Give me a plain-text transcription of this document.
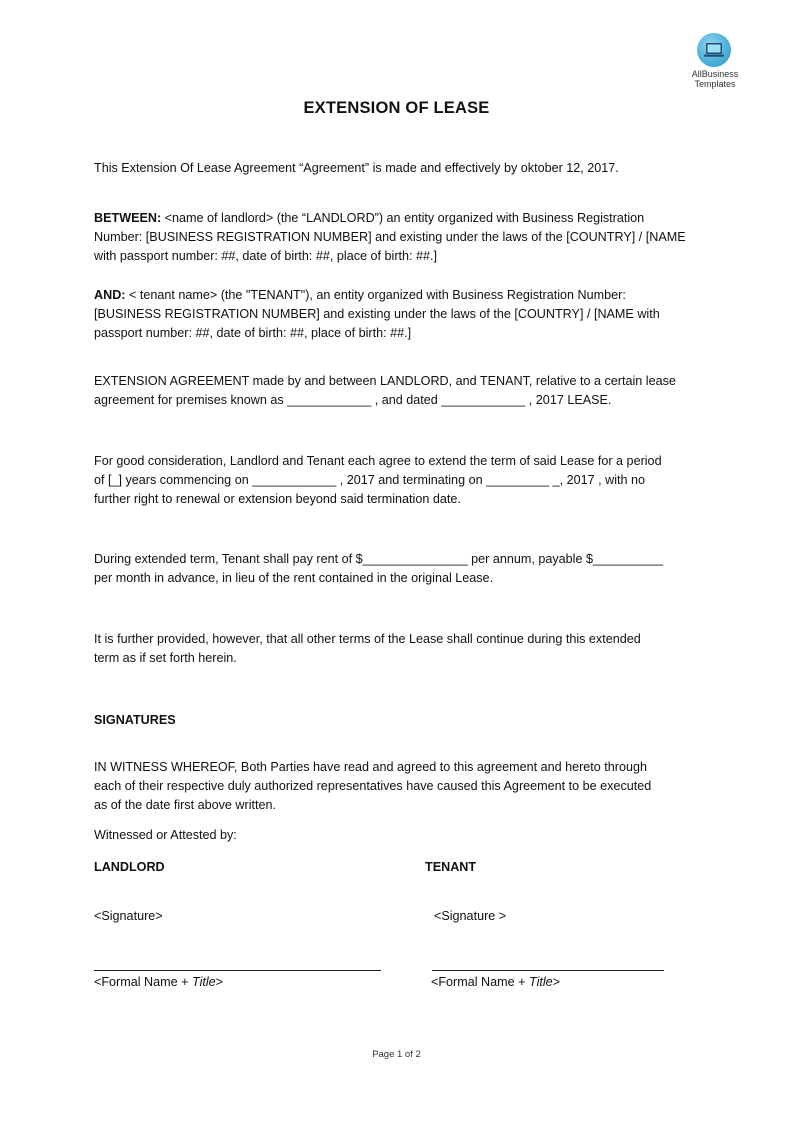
AllBusiness
Templates
EXTENSION OF LEASE
This Extension Of Lease Agreement “Agreement” is made and effectively by oktober 12, 2017.
BETWEEN: <name of landlord> (the “LANDLORD”) an entity organized with Business Registration
Number: [BUSINESS REGISTRATION NUMBER] and existing under the laws of the [COUNTRY] / [NAME
with passport number: ##, date of birth: ##, place of birth: ##.]
AND: < tenant name> (the "TENANT"), an entity organized with Business Registration Number:
[BUSINESS REGISTRATION NUMBER] and existing under the laws of the [COUNTRY] / [NAME with
passport number: ##, date of birth: ##, place of birth: ##.]
EXTENSION AGREEMENT made by and between LANDLORD, and TENANT, relative to a certain lease
agreement for premises known as ____________ , and dated ____________ , 2017 LEASE.
For good consideration, Landlord and Tenant each agree to extend the term of said Lease for a period
of [_] years commencing on ____________ , 2017 and terminating on _________ _, 2017 , with no
further right to renewal or extension beyond said termination date.
During extended term, Tenant shall pay rent of $_______________ per annum, payable $__________
per month in advance, in lieu of the rent contained in the original Lease.
It is further provided, however, that all other terms of the Lease shall continue during this extended
term as if set forth herein.
SIGNATURES
IN WITNESS WHEREOF, Both Parties have read and agreed to this agreement and hereto through
each of their respective duly authorized representatives have caused this Agreement to be executed
as of the date first above written.
Witnessed or Attested by:
LANDLORD
<Signature>
<Formal Name + Title>
TENANT
<Signature >
<Formal Name + Title>
Page 1 of 2
